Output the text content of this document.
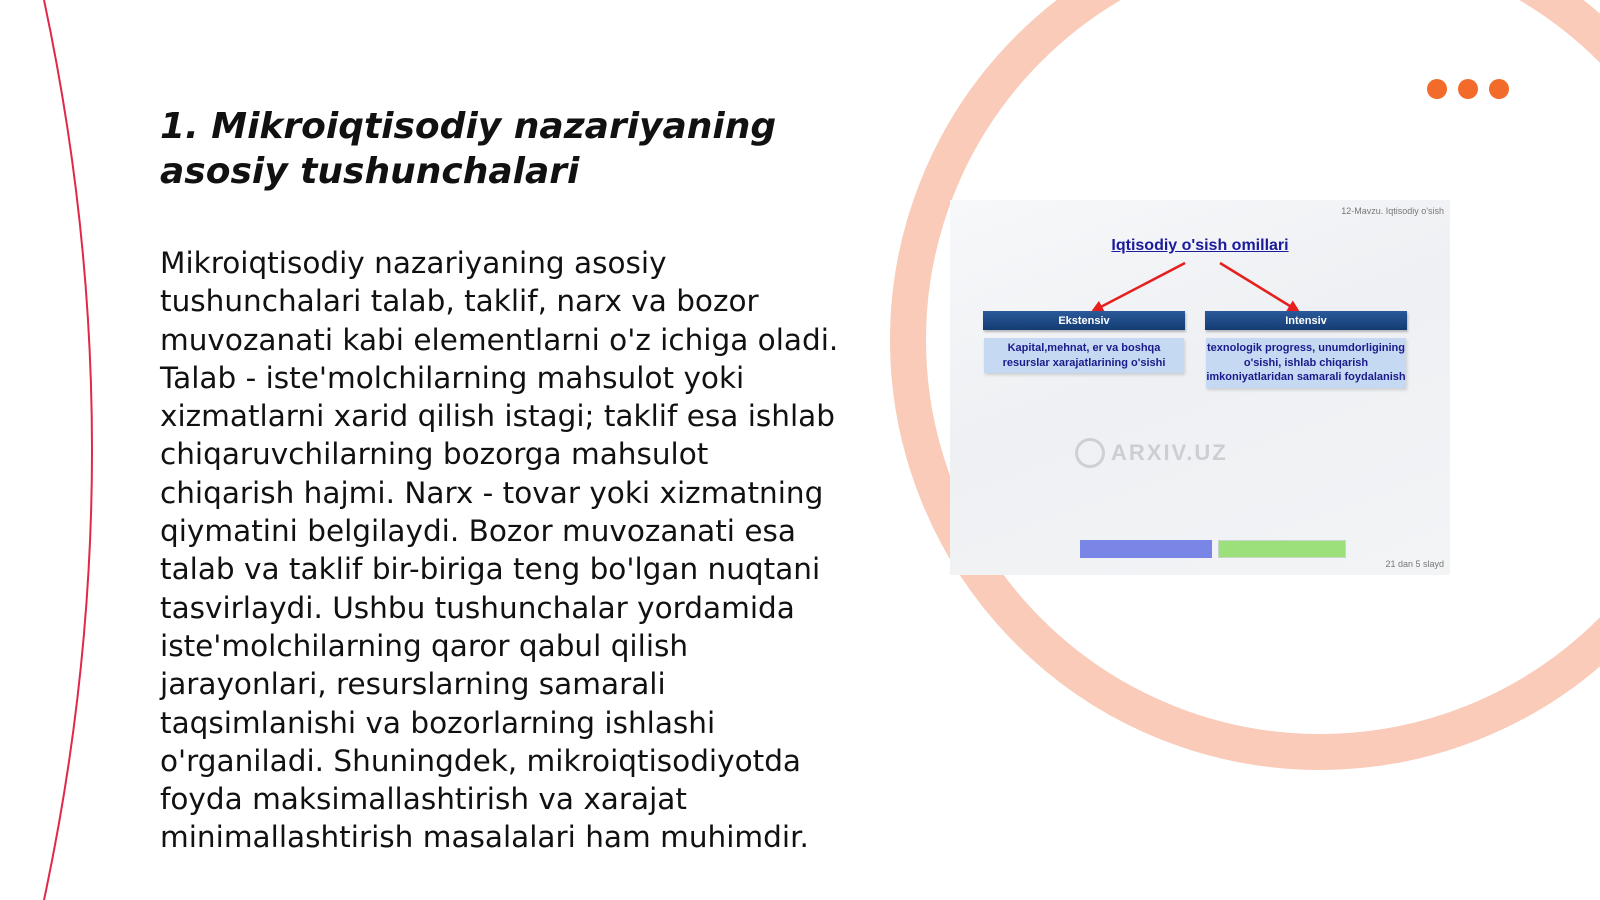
1. Mikroiqtisodiy nazariyaning asosiy tushunchalari

Mikroiqtisodiy nazariyaning asosiy tushunchalari talab, taklif, narx va bozor muvozanati kabi elementlarni o'z ichiga oladi. Talab - iste'molchilarning mahsulot yoki xizmatlarni xarid qilish istagi; taklif esa ishlab chiqaruvchilarning bozorga mahsulot chiqarish hajmi. Narx - tovar yoki xizmatning qiymatini belgilaydi. Bozor muvozanati esa talab va taklif bir-biriga teng bo'lgan nuqtani tasvirlaydi. Ushbu tushunchalar yordamida iste'molchilarning qaror qabul qilish jarayonlari, resurslarning samarali taqsimlanishi va bozorlarning ishlashi o'rganiladi. Shuningdek, mikroiqtisodiyotda foyda maksimallashtirish va xarajat minimallashtirish masalalari ham muhimdir.

12-Mavzu. Iqtisodiy o'sish
Iqtisodiy o'sish omillari
Ekstensiv	Intensiv
Kapital,mehnat, er va boshqa resurslar xarajatlarining o'sishi
texnologik progress, unumdorligining o'sishi, ishlab chiqarish imkoniyatlaridan samarali foydalanish
ARXIV.UZ
21 dan 5 slayd
